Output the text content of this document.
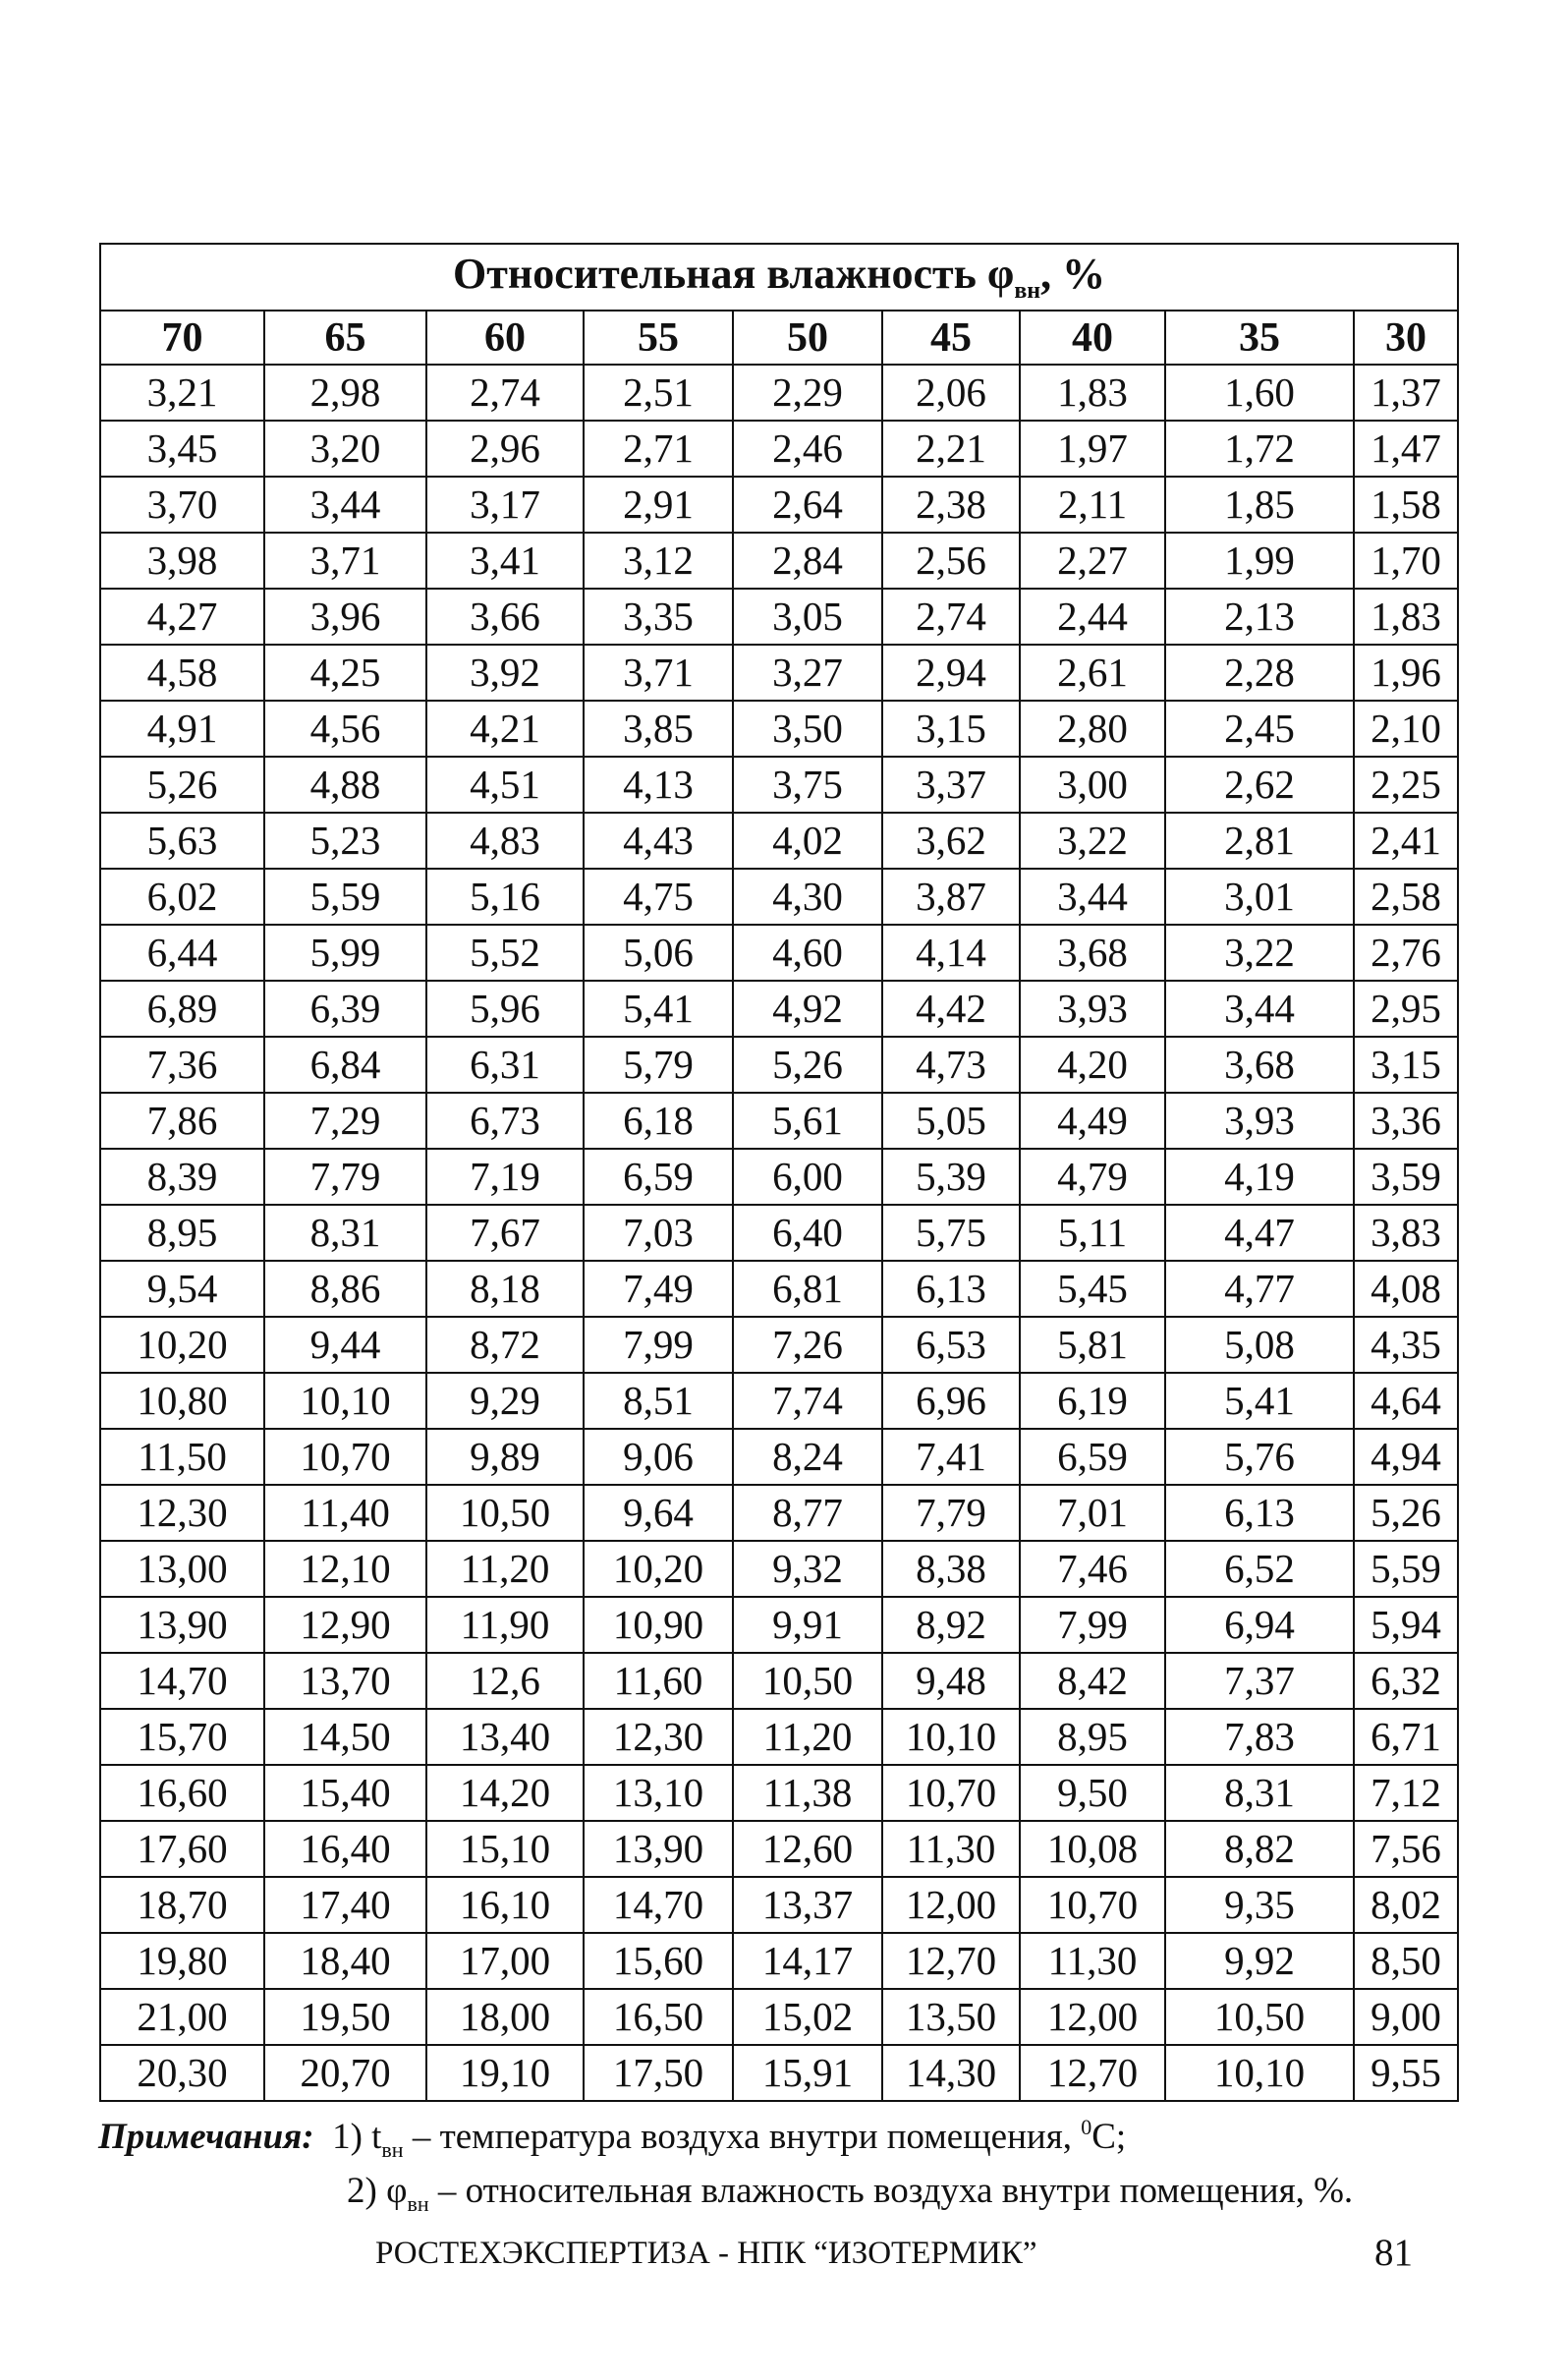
Относительная влажность $\varphi_{вн}$, %								
70	65	60	55	50	45	40	35	30
3,21	2,98	2,74	2,51	2,29	2,06	1,83	1,60	1,37
3,45	3,20	2,96	2,71	2,46	2,21	1,97	1,72	1,47
3,70	3,44	3,17	2,91	2,64	2,38	2,11	1,85	1,58
3,98	3,71	3,41	3,12	2,84	2,56	2,27	1,99	1,70
4,27	3,96	3,66	3,35	3,05	2,74	2,44	2,13	1,83
4,58	4,25	3,92	3,71	3,27	2,94	2,61	2,28	1,96
4,91	4,56	4,21	3,85	3,50	3,15	2,80	2,45	2,10
5,26	4,88	4,51	4,13	3,75	3,37	3,00	2,62	2,25
5,63	5,23	4,83	4,43	4,02	3,62	3,22	2,81	2,41
6,02	5,59	5,16	4,75	4,30	3,87	3,44	3,01	2,58
6,44	5,99	5,52	5,06	4,60	4,14	3,68	3,22	2,76
6,89	6,39	5,96	5,41	4,92	4,42	3,93	3,44	2,95
7,36	6,84	6,31	5,79	5,26	4,73	4,20	3,68	3,15
7,86	7,29	6,73	6,18	5,61	5,05	4,49	3,93	3,36
8,39	7,79	7,19	6,59	6,00	5,39	4,79	4,19	3,59
8,95	8,31	7,67	7,03	6,40	5,75	5,11	4,47	3,83
9,54	8,86	8,18	7,49	6,81	6,13	5,45	4,77	4,08
10,20	9,44	8,72	7,99	7,26	6,53	5,81	5,08	4,35
10,80	10,10	9,29	8,51	7,74	6,96	6,19	5,41	4,64
11,50	10,70	9,89	9,06	8,24	7,41	6,59	5,76	4,94
12,30	11,40	10,50	9,64	8,77	7,79	7,01	6,13	5,26
13,00	12,10	11,20	10,20	9,32	8,38	7,46	6,52	5,59
13,90	12,90	11,90	10,90	9,91	8,92	7,99	6,94	5,94
14,70	13,70	12,6	11,60	10,50	9,48	8,42	7,37	6,32
15,70	14,50	13,40	12,30	11,20	10,10	8,95	7,83	6,71
16,60	15,40	14,20	13,10	11,38	10,70	9,50	8,31	7,12
17,60	16,40	15,10	13,90	12,60	11,30	10,08	8,82	7,56
18,70	17,40	16,10	14,70	13,37	12,00	10,70	9,35	8,02
19,80	18,40	17,00	15,60	14,17	12,70	11,30	9,92	8,50
21,00	19,50	18,00	16,50	15,02	13,50	12,00	10,50	9,00
20,30	20,70	19,10	17,50	15,91	14,30	12,70	10,10	9,55
Примечания: 1) $t_{вн}$ – температура воздуха внутри помещения, $^0$С;
2) $\varphi_{вн}$ – относительная влажность воздуха внутри помещения, %.
РОСТЕХЭКСПЕРТИЗА - НПК “ИЗОТЕРМИК”	81
